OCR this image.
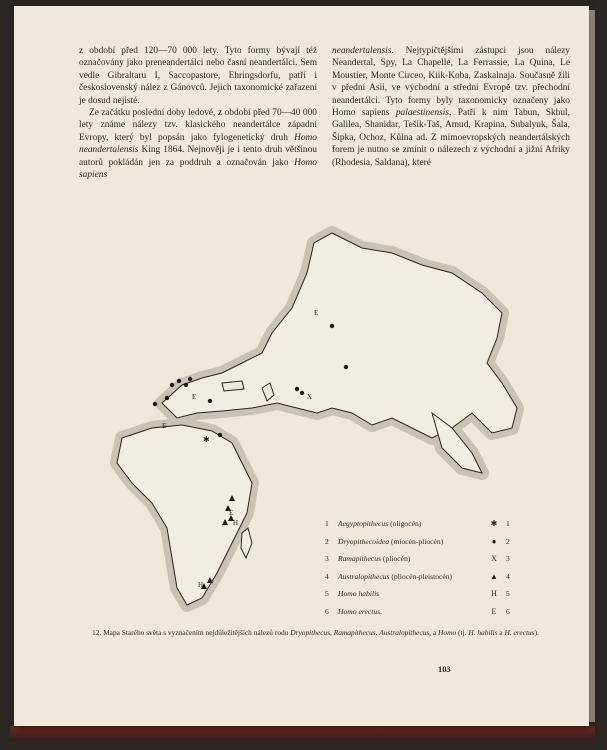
z období před 120—70 000 lety. Tyto formy bývají též označovány jako preneandertálci nebo časní neandertálci. Sem vedle Gibraltaru I, Saccopastore, Ehringsdorfu, patří i československý nález z Gánovců. Jejich taxonomické zařazení je dosud nejisté.

Ze začátku poslední doby ledové, z období před 70—40 000 lety známe nálezy tzv. klasického neandertálce západní Evropy, který byl popsán jako fylogenetický druh Homo neandertalensis King 1864. Nejnověji je i tento druh většinou autorů pokládán jen za poddruh a označován jako Homo sapiens

neandertalensis. Nejtypičtějšími zástupci jsou nálezy Neandertal, Spy, La Chapelle, La Ferrassie, La Quina, Le Moustier, Monte Circeo, Kiik-Koba, Zaskalnaja. Současně žili v přední Asii, ve východní a střední Evropě tzv. přechodní neandertálci. Tyto formy byly taxonomicky označeny jako Homo sapiens palaestinensis. Patří k nim Tabun, Skhul, Galilea, Shanidar, Tešik-Taš, Amud, Krapina, Subalyuk, Šala, Šipka, Ochoz, Kůlna ad. Z mimoevropských neandertálských forem je nutno se zmínit o nálezech z východní a jižní Afriky (Rhodesia, Saldana), které

✱
E
E
E
E
H
H
X
1 Aegyptopithecus (oligocén)	✱	1
2 Dryopithecoidea (miocén-pliocén)	●	2
3 Ramapithecus (pliocén)	X	3
4 Australopithecus (pliocén-pleistocén)	▲ 4
5 Homo habilis	H	5
6 Homo erectus.	E	6
12. Mapa Starého světa s vyznačením nejdůležitějších nálezů rodu Dryopithecus, Ramapithecus, Australopithecus, a Homo (tj. H. habilis a H. erectus).
103
